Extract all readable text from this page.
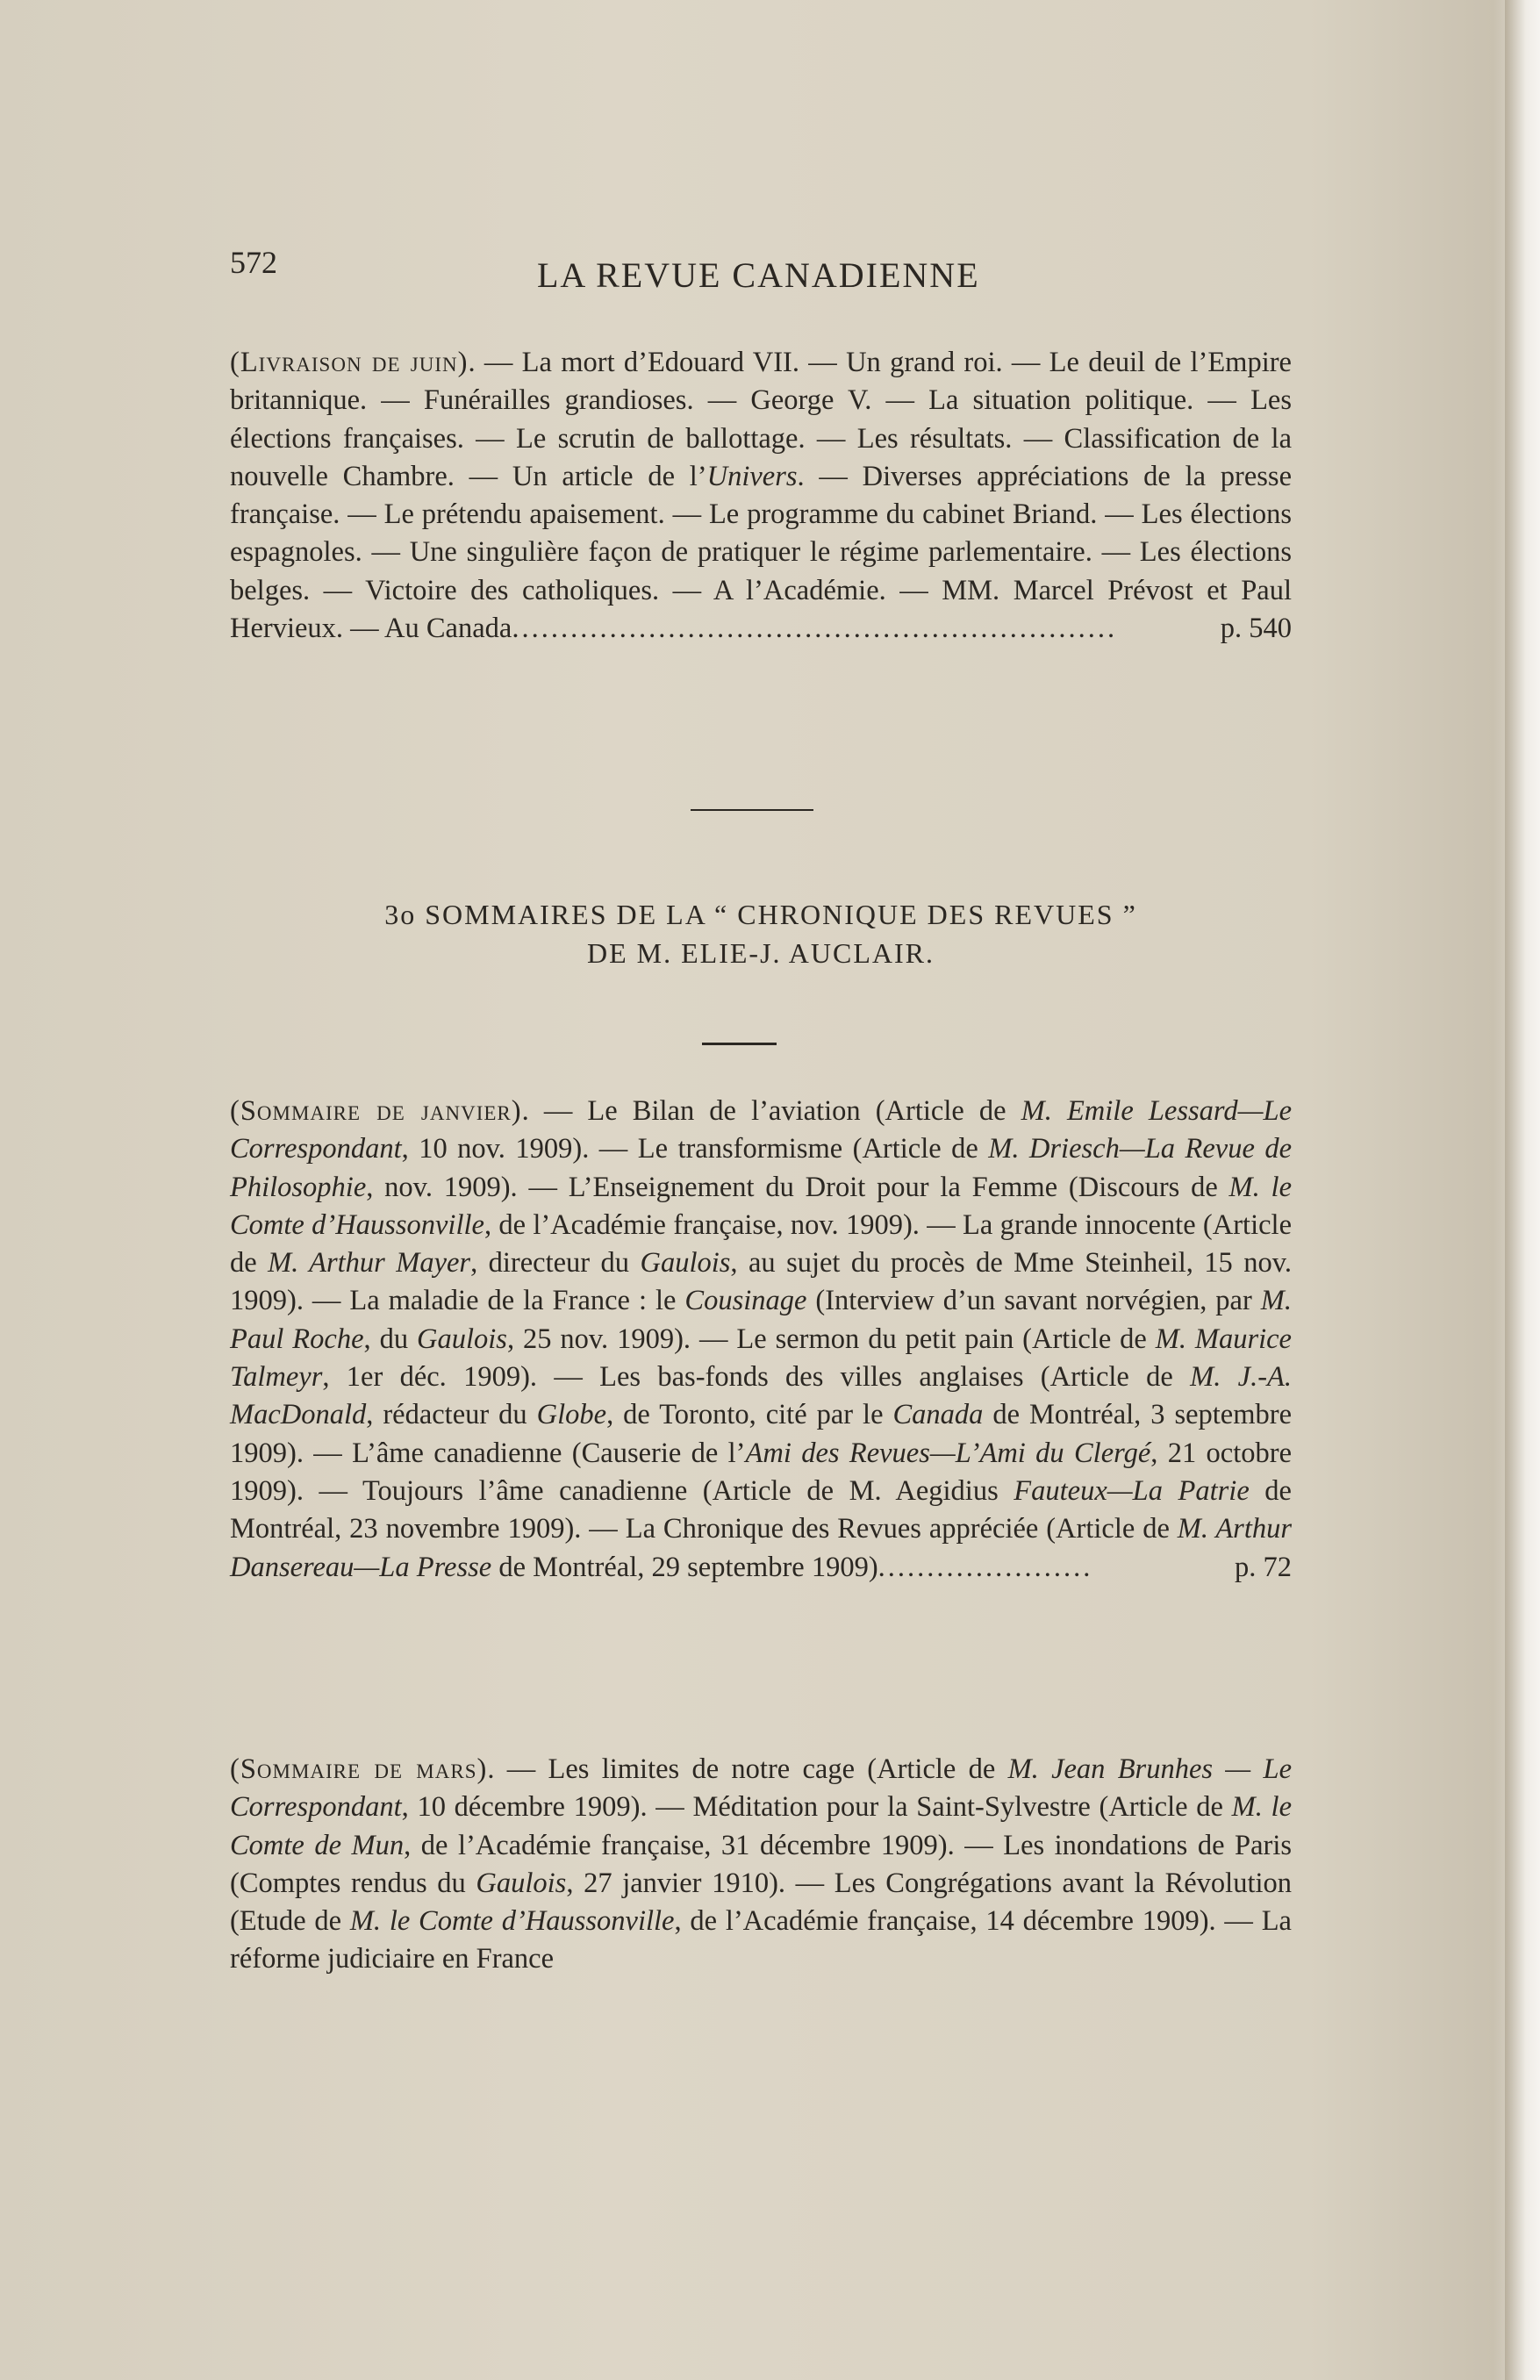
572	LA REVUE CANADIENNE

(Livraison de juin). — La mort d’Edouard VII. — Un grand roi. — Le deuil de l’Empire britannique. — Funérailles grandioses. — George V. — La situation politique. — Les élections françaises. — Le scrutin de ballottage. — Les résultats. — Classification de la nouvelle Chambre. — Un article de l’Univers. — Diverses appréciations de la presse française. — Le prétendu apaisement. — Le programme du cabinet Briand. — Les élections espagnoles. — Une singulière façon de pratiquer le régime parlementaire. — Les élections belges. — Victoire des catholiques. — A l’Académie. — MM. Marcel Prévost et Paul Hervieux. — Au Canada..............................................................	p. 540

3o SOMMAIRES DE LA “ CHRONIQUE DES REVUES ”
DE M. ELIE-J. AUCLAIR.

(Sommaire de janvier). — Le Bilan de l’aviation (Article de M. Emile Lessard—Le Correspondant, 10 nov. 1909). — Le transformisme (Article de M. Driesch—La Revue de Philosophie, nov. 1909). — L’Enseignement du Droit pour la Femme (Discours de M. le Comte d’Haussonville, de l’Académie française, nov. 1909). — La grande innocente (Article de M. Arthur Mayer, directeur du Gaulois, au sujet du procès de Mme Steinheil, 15 nov. 1909). — La maladie de la France : le Cousinage (Interview d’un savant norvégien, par M. Paul Roche, du Gaulois, 25 nov. 1909). — Le sermon du petit pain (Article de M. Maurice Talmeyr, 1er déc. 1909). — Les bas-fonds des villes anglaises (Article de M. J.-A. MacDonald, rédacteur du Globe, de Toronto, cité par le Canada de Montréal, 3 septembre 1909). — L’âme canadienne (Causerie de l’Ami des Revues—L’Ami du Clergé, 21 octobre 1909). — Toujours l’âme canadienne (Article de M. Aegidius Fauteux—La Patrie de Montréal, 23 novembre 1909). — La Chronique des Revues appréciée (Article de M. Arthur Dansereau—La Presse de Montréal, 29 septembre 1909)......................	p. 72

(Sommaire de mars). — Les limites de notre cage (Article de M. Jean Brunhes — Le Correspondant, 10 décembre 1909). — Méditation pour la Saint-Sylvestre (Article de M. le Comte de Mun, de l’Académie française, 31 décembre 1909). — Les inondations de Paris (Comptes rendus du Gaulois, 27 janvier 1910). — Les Congrégations avant la Révolution (Etude de M. le Comte d’Haussonville, de l’Académie française, 14 décembre 1909). — La réforme judiciaire en France
